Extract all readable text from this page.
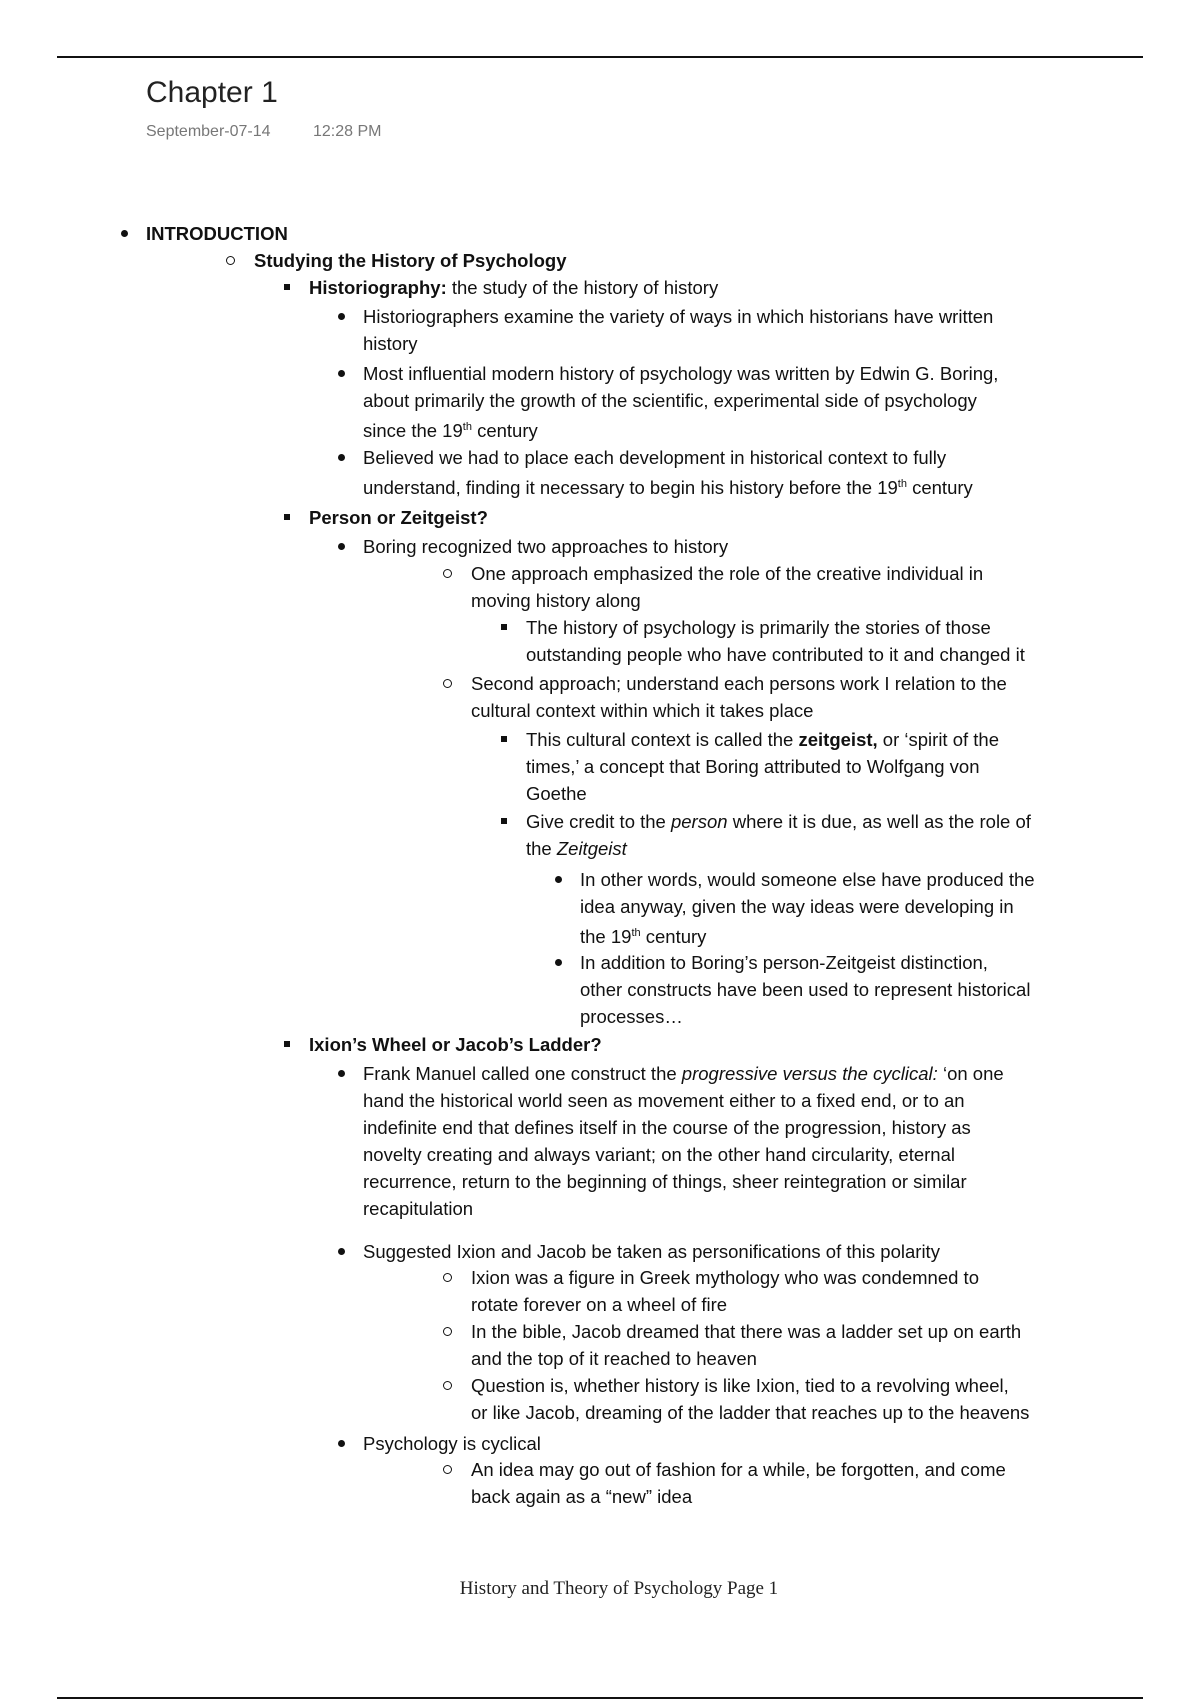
Chapter 1
September-07-14	12:28 PM
INTRODUCTION
Studying the History of Psychology
Historiography: the study of the history of history
Historiographers examine the variety of ways in which historians have written
history
Most influential modern history of psychology was written by Edwin G. Boring,
about primarily the growth of the scientific, experimental side of psychology
since the 19th century
Believed we had to place each development in historical context to fully
understand, finding it necessary to begin his history before the 19th century
Person or Zeitgeist?
Boring recognized two approaches to history
One approach emphasized the role of the creative individual in
moving history along
The history of psychology is primarily the stories of those
outstanding people who have contributed to it and changed it
Second approach; understand each persons work I relation to the
cultural context within which it takes place
This cultural context is called the zeitgeist, or ‘spirit of the
times,’ a concept that Boring attributed to Wolfgang von
Goethe
Give credit to the person where it is due, as well as the role of
the Zeitgeist
In other words, would someone else have produced the
idea anyway, given the way ideas were developing in
the 19th century
In addition to Boring’s person-Zeitgeist distinction,
other constructs have been used to represent historical
processes…
Ixion’s Wheel or Jacob’s Ladder?
Frank Manuel called one construct the progressive versus the cyclical: ‘on one
hand the historical world seen as movement either to a fixed end, or to an
indefinite end that defines itself in the course of the progression, history as
novelty creating and always variant; on the other hand circularity, eternal
recurrence, return to the beginning of things, sheer reintegration or similar
recapitulation
Suggested Ixion and Jacob be taken as personifications of this polarity
Ixion was a figure in Greek mythology who was condemned to
rotate forever on a wheel of fire
In the bible, Jacob dreamed that there was a ladder set up on earth
and the top of it reached to heaven
Question is, whether history is like Ixion, tied to a revolving wheel,
or like Jacob, dreaming of the ladder that reaches up to the heavens
Psychology is cyclical
An idea may go out of fashion for a while, be forgotten, and come
back again as a “new” idea
History and Theory of Psychology Page 1
